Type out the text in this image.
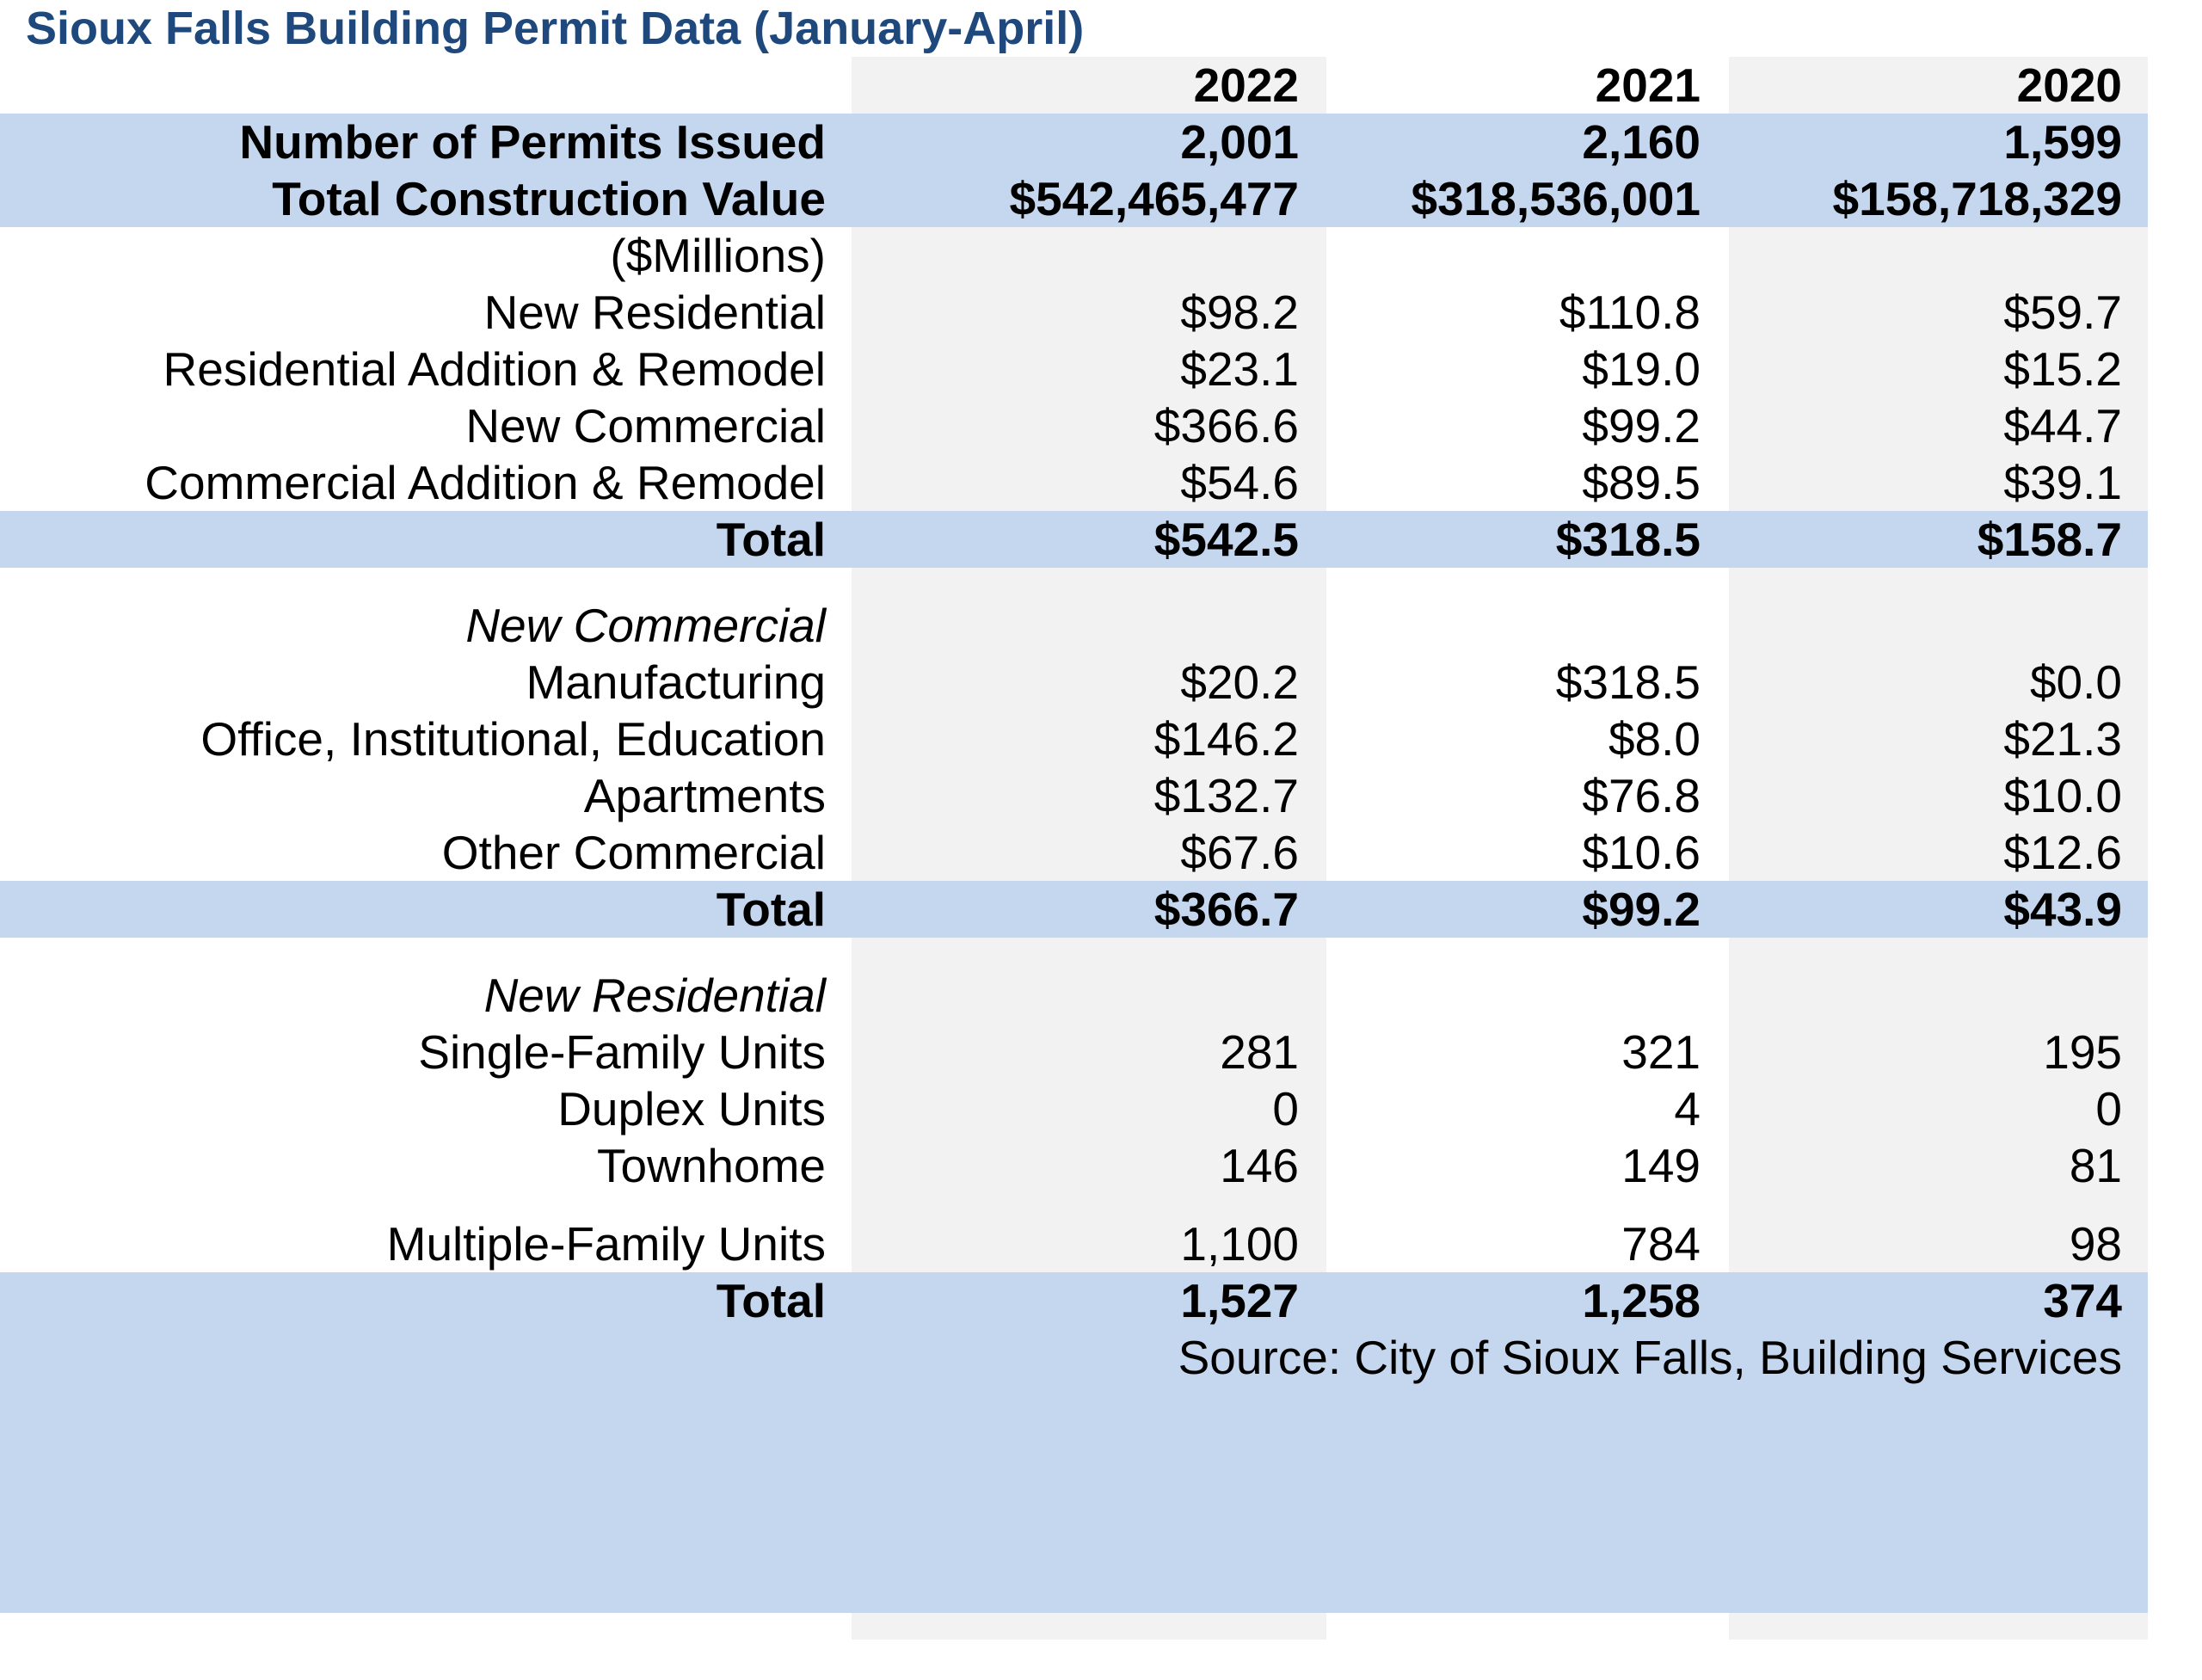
Sioux Falls Building Permit Data (January-April)
2022	2021	2020
Number of Permits Issued	2,001	2,160	1,599
Total Construction Value	$542,465,477	$318,536,001	$158,718,329
($Millions)
New Residential	$98.2	$110.8	$59.7
Residential Addition & Remodel	$23.1	$19.0	$15.2
New Commercial	$366.6	$99.2	$44.7
Commercial Addition & Remodel	$54.6	$89.5	$39.1
Total	$542.5	$318.5	$158.7
New Commercial
Manufacturing	$20.2	$318.5	$0.0
Office, Institutional, Education	$146.2	$8.0	$21.3
Apartments	$132.7	$76.8	$10.0
Other Commercial	$67.6	$10.6	$12.6
Total	$366.7	$99.2	$43.9
New Residential
Single-Family Units	281	321	195
Duplex Units	0	4	0
Townhome	146	149	81
Multiple-Family Units	1,100	784	98
Total	1,527	1,258	374
Source: City of Sioux Falls, Building Services
